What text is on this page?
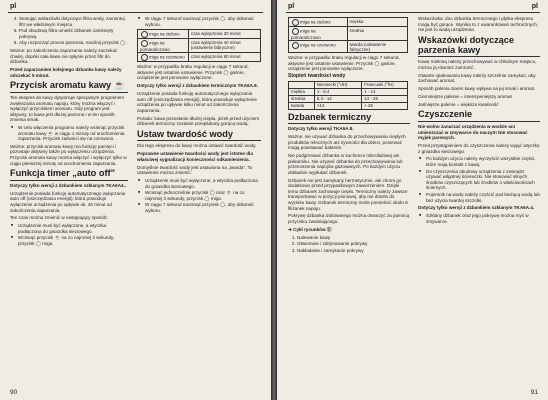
pl
4. Stosując wskazówki dotyczące filtra wody, zamontuj filtr we właściwym miejscu.
5. Pod obudową filtra umieść dzbanek zamknięty pokrywą.
6. Aby rozpocząć proces parzenia, naciśnij przycisk ◯.

Ważne: po zakończeniu zaparzania należy zaczekać chwilę, dopóki cała kawa nie spłynie przez filtr do dzbanka.

Przed zaparzaniem kolejnego dzbanka kawy należy odczekać 5 minut.

Przycisk aromatu kawy ☕

Ten ekspres do kawy dysponuje specjalnym programem zwiększania aromatu napoju, który można włączyć i wyłączyć przyciskiem aromatu. Gdy program jest aktywny, to kawa jest dłużej parzona i w ten sposób zmienia smak.

■ W celu włączenia programu należy wcisnąć przycisk aromatu kawy ☕ w ciągu 1 minuty od uruchomienia zaparzania. Przycisk zaświeci się na czerwono.

Ważne: przycisk aromatu kawy ma funkcję pamięci i pozostaje aktywny także po wyłączeniu urządzenia. Przycisk aromatu kawy można włączyć i wyłączyć tylko w ciągu pierwszej minuty od uruchomienia zaparzania.

Funkcja timer „auto off”

Dotyczy tylko wersji z dzbankiem szklanym TKA6A4..

Urządzenie posiada funkcję automatycznego wyłączania auto off (oszczędzania energii), która powoduje wyłączenie urządzenia po upływie ok. 40 minut od zakończenia zaparzania.

Ten czas można zmienić w następujący sposób:

■ Urządzenie musi być wyłączone, a wtyczka podłączona do gniazdka sieciowego.
■ Wcisnąć przycisk ☕ na co najmniej 3 sekundy, przycisk ◯ miga.
■ W ciągu 7 sekund nacisnąć przycisk ◯, aby dokonać wyboru.
miga na zielono	czas wyłączenia 20 minut
miga na pomarańczowo	czas wyłączenia 40 minut (ustawienie fabryczne)
miga na czerwono	czas wyłączenia 60 minut

Ważne: w przypadku braku regulacji w ciągu 7 sekund, aktywne jest ostatnie ustawienie. Przycisk ◯ gaśnie, urządzenie jest ponownie wyłączone.

Dotyczy tylko wersji z dzbankiem termicznym TKA6A.8.

Urządzenie posiada funkcję automatycznego wyłączania auto off (oszczędzania energii), która powoduje wyłączenie urządzenia po upływie kilku minut od zakończenia zaparzania.

Porada: kawa pozostanie dłużej ciepła, jeżeli przed użyciem dzbanek termiczny zostanie przepłukany gorącą wodą.

Ustaw twardość wody

Dla tego ekspresu do kawy można ustawić twardość wody.

Poprawne ustawienie twardości wody jest istotne dla właściwej sygnalizacji konieczności odkamienienia.

Domyślnie twardość wody jest ustawiona na „twarda”. To ustawienie można zmienić:

■ Urządzenie musi być wyłączone, a wtyczka podłączona do gniazdka sieciowego.
■ Wcisnąć jednocześnie przycisk ◯ oraz ☕ na co najmniej 3 sekundy, przycisk ◯ miga.
■ W ciągu 7 sekund nacisnąć przycisk ◯, aby dokonać wyboru.
90
pl	pl
miga na zielono	miękka
miga na pomarańczowo	średnia
miga na czerwono	twarda (ustawienie fabryczne)

Ważne: w przypadku braku regulacji w ciągu 7 sekund, aktywne jest ostatnie ustawienie. Przycisk ◯ gaśnie, urządzenie jest ponownie wyłączone.

Stopień twardości wody
	Niemiecki (°dH)	Francuski (°fH)
miękka	1 - 8,4	1 - 14
średnia	8,4 - 14	14 - 25
twarda	>14	> 25
Dzbanek termiczny

Dotyczy tylko wersji TKA6A.8.

Ważne: nie używać dzbanka do przechowywania ciepłych produktów mlecznych ani żywności dla dzieci, ponieważ mogą powstawać bakterie.

Nie podgrzewać dzbanka w kuchence mikrofalowej ani piekarniku. Nie używać dzbanka do przechowywania lub przenoszenia napojów gazowanych. Po każdym użyciu dokładnie wypłukać dzbanek.

Dzbanek nie jest zamykany hermetycznie, ale chroni go dodatkowo przed przypadkowym zawierzeniem. Dzięki temu dzbanek zachowuje ciepło. Termiczny należy zawsze transportować w pozycji pionowej, aby nie doszło do wycieku kawy. Dzbanek termiczny może pomieścić około 8 filiżanek napoju.

Pokrywę dzbanka izolowanego można otworzyć za pomocą przycisku zwalniającego.

➔ Cykl ryсunków ⓑ

1. Nalewanie kawy
2. Otwieranie i zdejmowanie pokrywy
3. Nakładanie i zamykanie pokrywy

Wskazówka: dno dzbanka termicznego i płytka ekspresu mogą być gorące. Wynika to z uwarunkowań technicznych, nie jest to wadą urządzenia.

Wskazówki dotyczące parzenia kawy

Kawę mieloną należy przechowywać w chłodnym miejscu, można ją również zamrozić.

Otwarte opakowania kawy należy szczelnie zamykać, aby zachować aromat.

Sposób palenia ziaren kawy wpływa na jej smak i aromat.

Ciemniejsze palenie = intensywniejszy aromat

Jaśniejsze palenie = większa kwaśność

Czyszczenie

Nie wolno zanurzać urządzenia w wodzie ani umieszczać w zmywarce do naczyń! Nie stosować myjek parowych.

Przed przystąpieniem do czyszczenia należy wyjąć wtyczkę z gniazdka sieciowego.

■ Po każdym użyciu należy wyczyścić wszystkie części, które mają kontakt z kawą.
■ Do czyszczenia obudowy urządzenia z zewnątrz używać wilgotnej ściereczki. Nie stosować silnych środków czyszczących lub środków o właściwościach ściernych.
■ Pojemnik na wodę należy czyścić pod bieżącą wodą lub bez użycia twardej szczotki.

Dotyczy tylko wersji z dzbankiem szklanym TKA6A.4.

■ Szklany dzbanek oraz jego pokrywę można myć w zmywarce.
91
